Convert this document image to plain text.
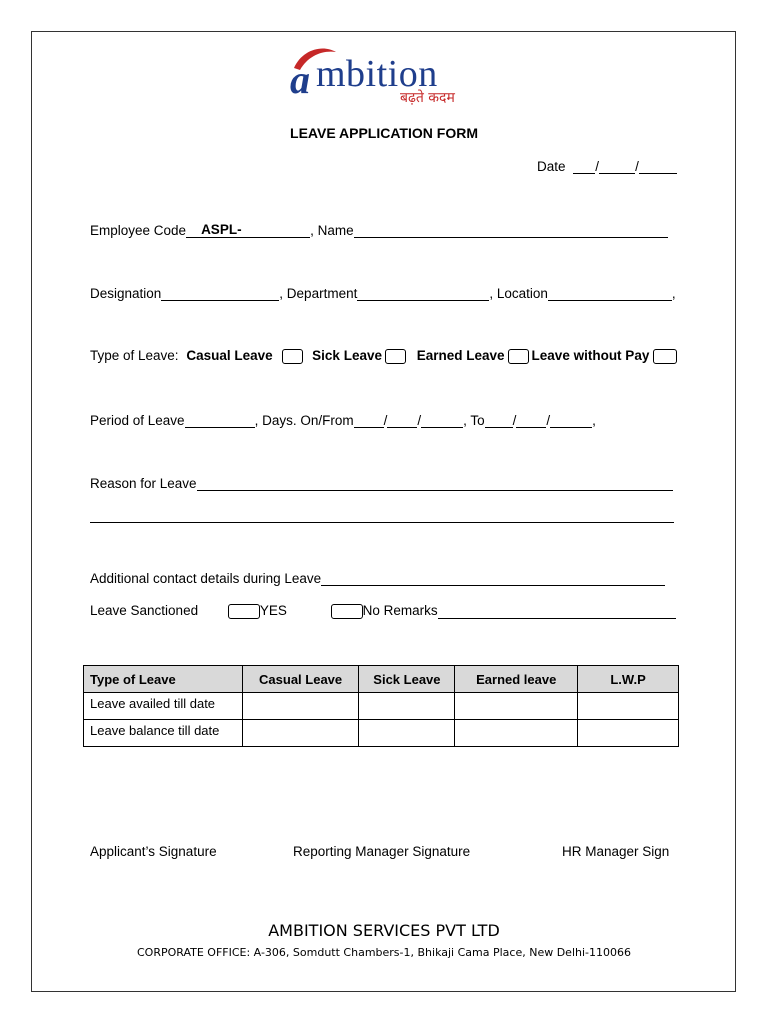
a mbition
बढ़ते कदम
LEAVE APPLICATION FORM
Date /	/
Employee Code ASPL-	, Name
Designation	, Department	, Location	,
Type of Leave: Casual Leave	Sick Leave	Earned Leave Leave without Pay
Period of Leave	, Days. On/From / /	, To / /	,
Reason for Leave
Additional contact details during Leave
Leave Sanctioned	YES	No Remarks
Type of Leave	Casual Leave	Sick Leave	Earned leave	L.W.P
Leave availed till date				
Leave balance till date				
Applicant’s Signature	Reporting Manager Signature	HR Manager Sign
AMBITION SERVICES PVT LTD
CORPORATE OFFICE: A-306, Somdutt Chambers-1, Bhikaji Cama Place, New Delhi-110066
